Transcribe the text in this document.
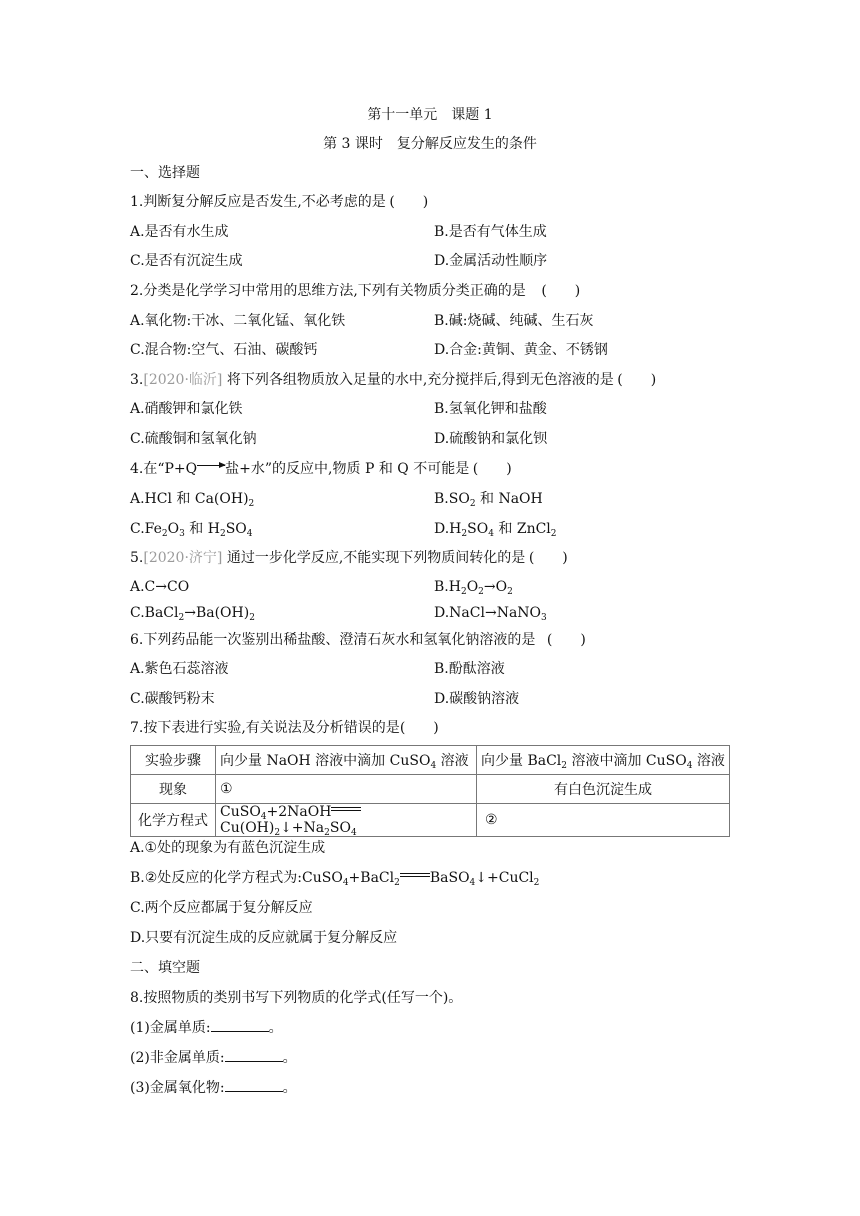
第十一单元　课题 1
第 3 课时　复分解反应发生的条件
一、选择题
1.判断复分解反应是否发生,不必考虑的是 (　　)
A.是否有水生成	B.是否有气体生成
C.是否有沉淀生成	D.金属活动性顺序
2.分类是化学学习中常用的思维方法,下列有关物质分类正确的是 (　　)
A.氧化物:干冰、二氧化锰、氧化铁	B.碱:烧碱、纯碱、生石灰
C.混合物:空气、石油、碳酸钙	D.合金:黄铜、黄金、不锈钢
3.[2020·临沂] 将下列各组物质放入足量的水中,充分搅拌后,得到无色溶液的是 (　　)
A.硝酸钾和氯化铁	B.氢氧化钾和盐酸
C.硫酸铜和氢氧化钠	D.硫酸钠和氯化钡
4.在“P+Q→盐+水”的反应中,物质 P 和 Q 不可能是 (　　)
A.HCl 和 $Ca(OH)_2$	$B.SO_2$ 和 NaOH
$C.Fe_2O_3$ 和 $H_2SO_4$	$D.H_2SO_4$ 和 ZnCl$_2$
5.[2020·济宁] 通过一步化学反应,不能实现下列物质间转化的是 (　　)
A.C→CO	$B.H_2O_2\to O_2$
$C.BaCl_2\to Ba(OH)_2$	D.NaCl→NaNO$_3$
6.下列药品能一次鉴别出稀盐酸、澄清石灰水和氢氧化钠溶液的是 (　　)
A.紫色石蕊溶液	B.酚酞溶液
C.碳酸钙粉末	D.碳酸钠溶液
7.按下表进行实验,有关说法及分析错误的是(　　)
实验步骤	向少量 NaOH 溶液中滴加 CuSO$_4$ 溶液	向少量 BaCl$_2$ 溶液中滴加 CuSO$_4$ 溶液
现象	①	有白色沉淀生成
化学方程式	$CuSO_4+2NaOHCu(OH)_2↓+Na_2SO_4$	②
A.①处的现象为有蓝色沉淀生成
B.②处反应的化学方程式为:CuSO$_4$+BaCl$_2$ BaSO$_4$↓+CuCl$_2$
C.两个反应都属于复分解反应
D.只要有沉淀生成的反应就属于复分解反应
二、填空题
8.按照物质的类别书写下列物质的化学式(任写一个)。
(1)金属单质:	。
(2)非金属单质:	。
(3)金属氧化物:	。
